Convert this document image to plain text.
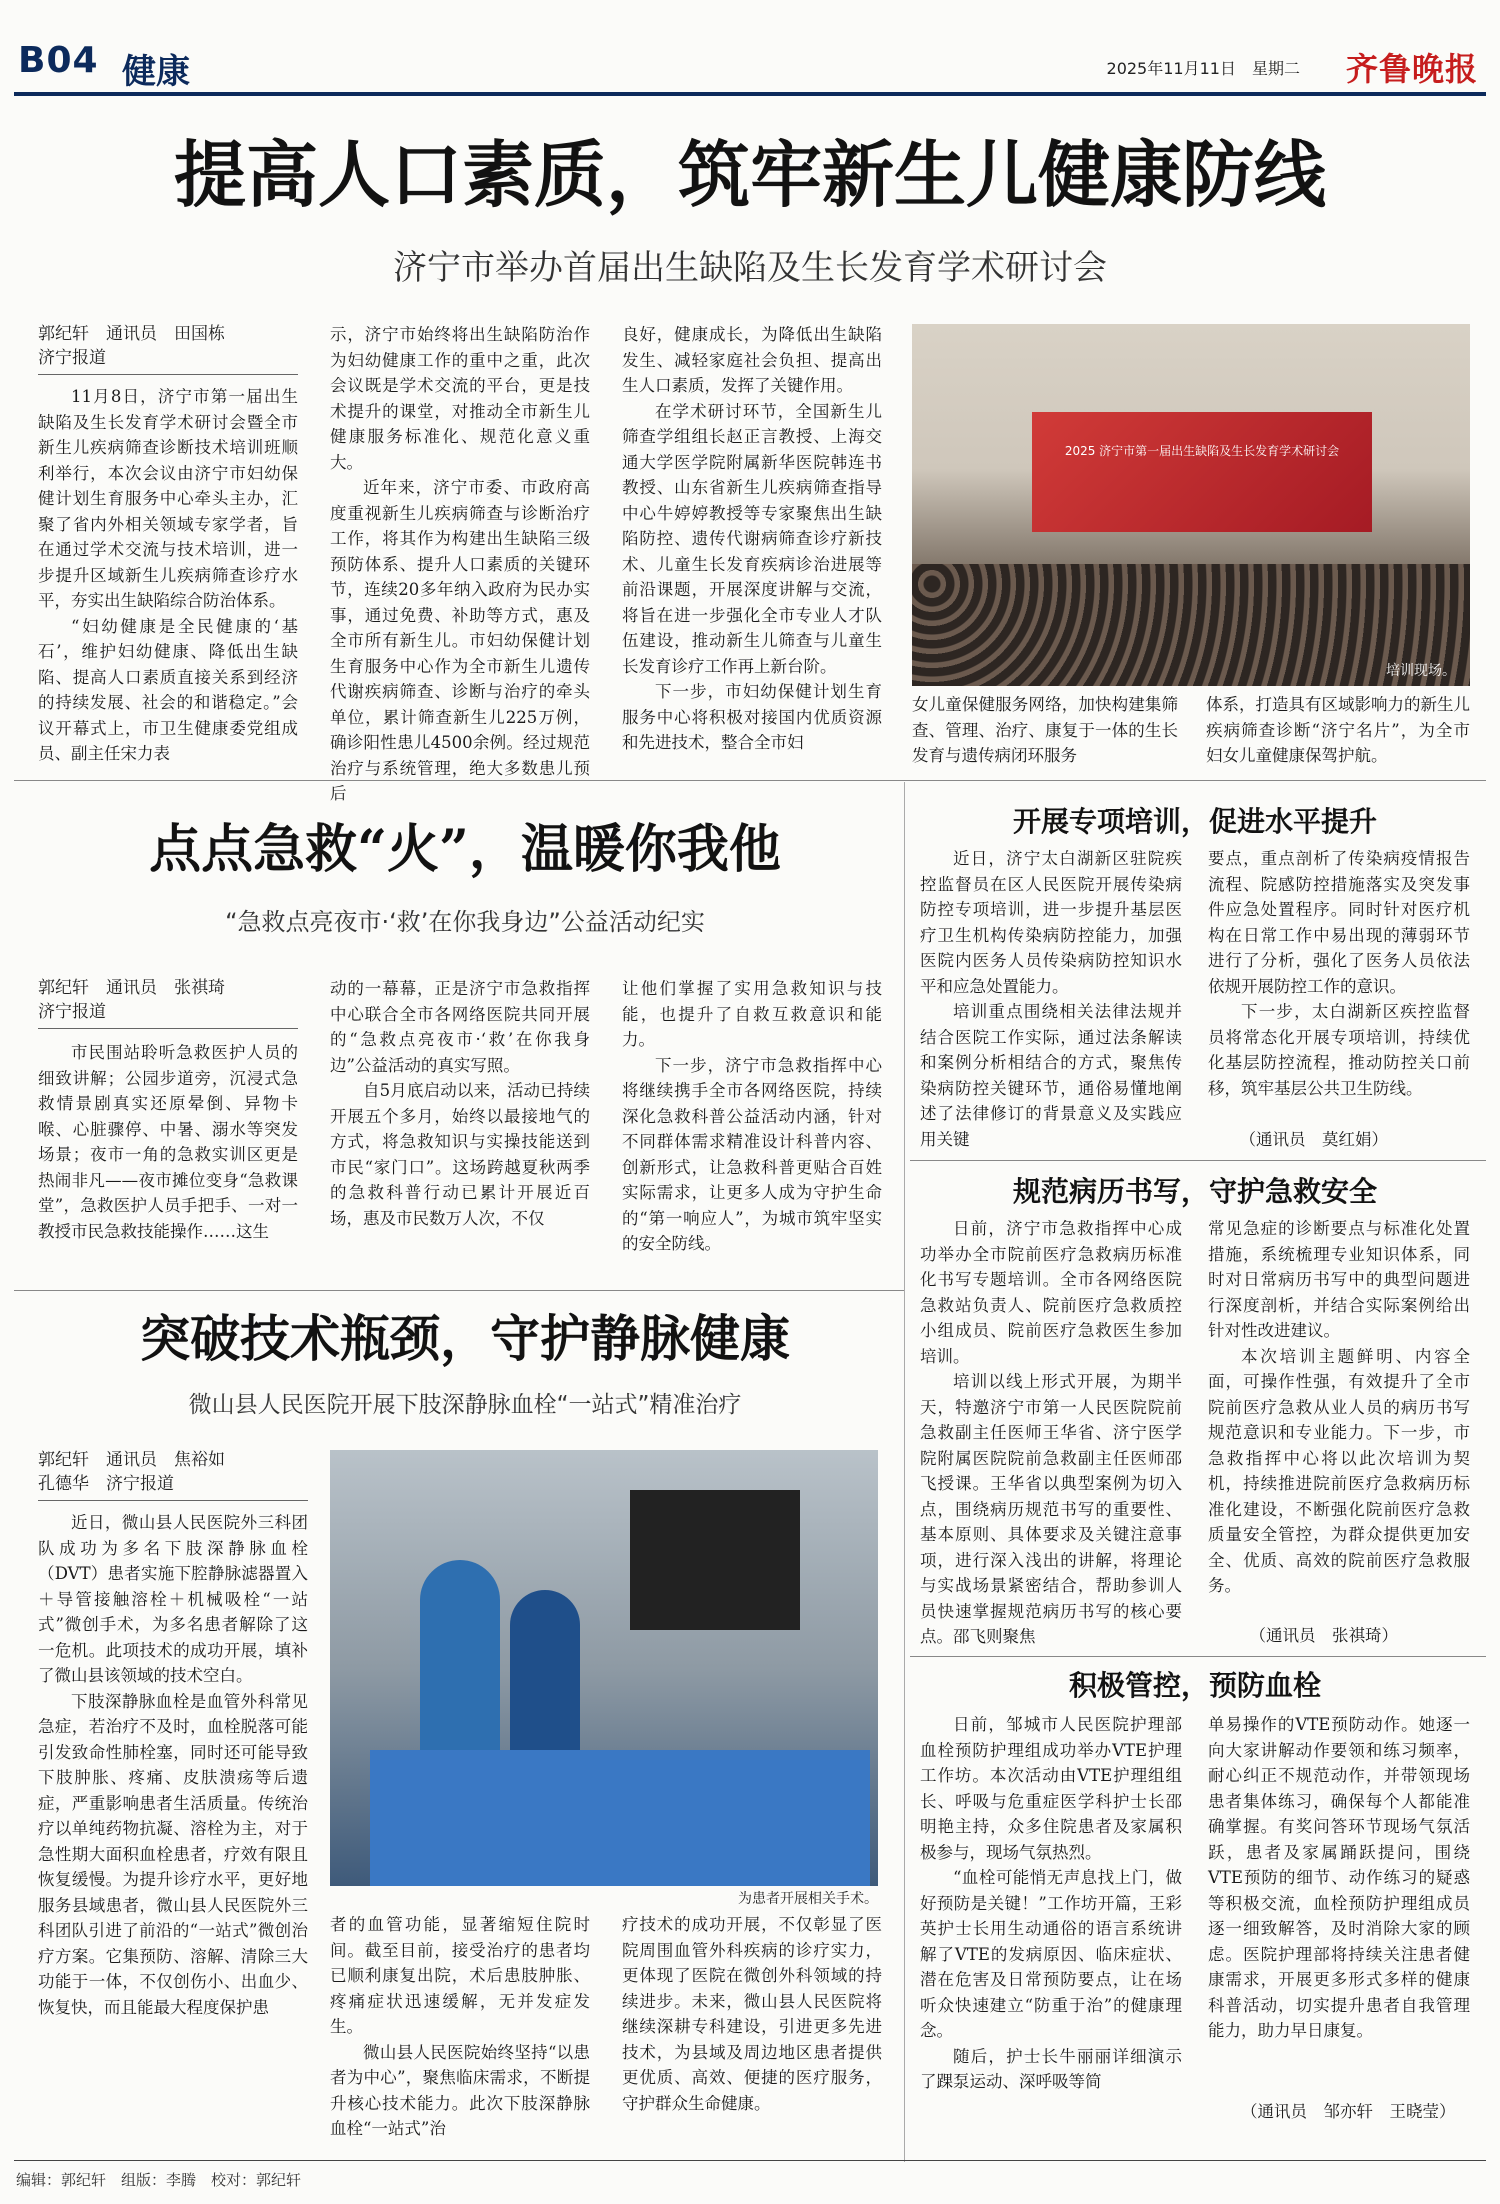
B04 健康	2025年11月11日　 星期二 齐鲁晚报
提高人口素质，筑牢新生儿健康防线
济宁市举办首届出生缺陷及生长发育学术研讨会
郭纪轩　通讯员　田国栋
济宁报道

11月8日，济宁市第一届出生缺陷及生长发育学术研讨会暨全市新生儿疾病筛查诊断技术培训班顺利举行，本次会议由济宁市妇幼保健计划生育服务中心牵头主办，汇聚了省内外相关领域专家学者，旨在通过学术交流与技术培训，进一步提升区域新生儿疾病筛查诊疗水平，夯实出生缺陷综合防治体系。

“妇幼健康是全民健康的‘基石’，维护妇幼健康、降低出生缺陷、提高人口素质直接关系到经济的持续发展、社会的和谐稳定。”会议开幕式上，市卫生健康委党组成员、副主任宋力表

示，济宁市始终将出生缺陷防治作为妇幼健康工作的重中之重，此次会议既是学术交流的平台，更是技术提升的课堂，对推动全市新生儿健康服务标准化、规范化意义重大。

近年来，济宁市委、市政府高度重视新生儿疾病筛查与诊断治疗工作，将其作为构建出生缺陷三级预防体系、提升人口素质的关键环节，连续20多年纳入政府为民办实事，通过免费、补助等方式，惠及全市所有新生儿。市妇幼保健计划生育服务中心作为全市新生儿遗传代谢疾病筛查、诊断与治疗的牵头单位，累计筛查新生儿225万例，确诊阳性患儿4500余例。经过规范治疗与系统管理，绝大多数患儿预后

良好，健康成长，为降低出生缺陷发生、减轻家庭社会负担、提高出生人口素质，发挥了关键作用。

在学术研讨环节，全国新生儿筛查学组组长赵正言教授、上海交通大学医学院附属新华医院韩连书教授、山东省新生儿疾病筛查指导中心牛婷婷教授等专家聚焦出生缺陷防控、遗传代谢病筛查诊疗新技术、儿童生长发育疾病诊治进展等前沿课题，开展深度讲解与交流，将旨在进一步强化全市专业人才队伍建设，推动新生儿筛查与儿童生长发育诊疗工作再上新台阶。

下一步，市妇幼保健计划生育服务中心将积极对接国内优质资源和先进技术，整合全市妇

2025 济宁市第一届出生缺陷及生长发育学术研讨会
培训现场。

女儿童保健服务网络，加快构建集筛查、管理、治疗、康复于一体的生长发育与遗传病闭环服务

体系，打造具有区域影响力的新生儿疾病筛查诊断“济宁名片”，为全市妇女儿童健康保驾护航。

点点急救“火”，温暖你我他
“急救点亮夜市·‘救’在你我身边”公益活动纪实
郭纪轩　通讯员　张祺琦
济宁报道

市民围站聆听急救医护人员的细致讲解；公园步道旁，沉浸式急救情景剧真实还原晕倒、异物卡喉、心脏骤停、中暑、溺水等突发场景；夜市一角的急救实训区更是热闹非凡——夜市摊位变身“急救课堂”，急救医护人员手把手、一对一教授市民急救技能操作……这生

动的一幕幕，正是济宁市急救指挥中心联合全市各网络医院共同开展的“急救点亮夜市·‘救’在你我身边”公益活动的真实写照。

自5月底启动以来，活动已持续开展五个多月，始终以最接地气的方式，将急救知识与实操技能送到市民“家门口”。这场跨越夏秋两季的急救科普行动已累计开展近百场，惠及市民数万人次，不仅

让他们掌握了实用急救知识与技能，也提升了自救互救意识和能力。

下一步，济宁市急救指挥中心将继续携手全市各网络医院，持续深化急救科普公益活动内涵，针对不同群体需求精准设计科普内容、创新形式，让急救科普更贴合百姓实际需求，让更多人成为守护生命的“第一响应人”，为城市筑牢坚实的安全防线。

突破技术瓶颈，守护静脉健康
微山县人民医院开展下肢深静脉血栓“一站式”精准治疗
郭纪轩　通讯员　焦裕如
孔德华　济宁报道

近日，微山县人民医院外三科团队成功为多名下肢深静脉血栓（DVT）患者实施下腔静脉滤器置入＋导管接触溶栓＋机械吸栓“一站式”微创手术，为多名患者解除了这一危机。此项技术的成功开展，填补了微山县该领域的技术空白。

下肢深静脉血栓是血管外科常见急症，若治疗不及时，血栓脱落可能引发致命性肺栓塞，同时还可能导致下肢肿胀、疼痛、皮肤溃疡等后遗症，严重影响患者生活质量。传统治疗以单纯药物抗凝、溶栓为主，对于急性期大面积血栓患者，疗效有限且恢复缓慢。为提升诊疗水平，更好地服务县域患者，微山县人民医院外三科团队引进了前沿的“一站式”微创治疗方案。它集预防、溶解、清除三大功能于一体，不仅创伤小、出血少、恢复快，而且能最大程度保护患

为患者开展相关手术。

者的血管功能，显著缩短住院时间。截至目前，接受治疗的患者均已顺利康复出院，术后患肢肿胀、疼痛症状迅速缓解，无并发症发生。

微山县人民医院始终坚持“以患者为中心”，聚焦临床需求，不断提升核心技术能力。此次下肢深静脉血栓“一站式”治

疗技术的成功开展，不仅彰显了医院周围血管外科疾病的诊疗实力，更体现了医院在微创外科领域的持续进步。未来，微山县人民医院将继续深耕专科建设，引进更多先进技术，为县域及周边地区患者提供更优质、高效、便捷的医疗服务，守护群众生命健康。

开展专项培训，促进水平提升

近日，济宁太白湖新区驻院疾控监督员在区人民医院开展传染病防控专项培训，进一步提升基层医疗卫生机构传染病防控能力，加强医院内医务人员传染病防控知识水平和应急处置能力。

培训重点围绕相关法律法规并结合医院工作实际，通过法条解读和案例分析相结合的方式，聚焦传染病防控关键环节，通俗易懂地阐述了法律修订的背景意义及实践应用关键

要点，重点剖析了传染病疫情报告流程、院感防控措施落实及突发事件应急处置程序。同时针对医疗机构在日常工作中易出现的薄弱环节进行了分析，强化了医务人员依法依规开展防控工作的意识。

下一步，太白湖新区疾控监督员将常态化开展专项培训，持续优化基层防控流程，推动防控关口前移，筑牢基层公共卫生防线。

（通讯员　莫红娟）
规范病历书写，守护急救安全

日前，济宁市急救指挥中心成功举办全市院前医疗急救病历标准化书写专题培训。全市各网络医院急救站负责人、院前医疗急救质控小组成员、院前医疗急救医生参加培训。

培训以线上形式开展，为期半天，特邀济宁市第一人民医院院前急救副主任医师王华省、济宁医学院附属医院院前急救副主任医师邵飞授课。王华省以典型案例为切入点，围绕病历规范书写的重要性、基本原则、具体要求及关键注意事项，进行深入浅出的讲解，将理论与实战场景紧密结合，帮助参训人员快速掌握规范病历书写的核心要点。邵飞则聚焦

常见急症的诊断要点与标准化处置措施，系统梳理专业知识体系，同时对日常病历书写中的典型问题进行深度剖析，并结合实际案例给出针对性改进建议。

本次培训主题鲜明、内容全面，可操作性强，有效提升了全市院前医疗急救从业人员的病历书写规范意识和专业能力。下一步，市急救指挥中心将以此次培训为契机，持续推进院前医疗急救病历标准化建设，不断强化院前医疗急救质量安全管控，为群众提供更加安全、优质、高效的院前医疗急救服务。

（通讯员　张祺琦）
积极管控，预防血栓

日前，邹城市人民医院护理部血栓预防护理组成功举办VTE护理工作坊。本次活动由VTE护理组组长、呼吸与危重症医学科护士长邵明艳主持，众多住院患者及家属积极参与，现场气氛热烈。

“血栓可能悄无声息找上门，做好预防是关键！”工作坊开篇，王彩英护士长用生动通俗的语言系统讲解了VTE的发病原因、临床症状、潜在危害及日常预防要点，让在场听众快速建立“防重于治”的健康理念。

随后，护士长牛丽丽详细演示了踝泵运动、深呼吸等简

单易操作的VTE预防动作。她逐一向大家讲解动作要领和练习频率，耐心纠正不规范动作，并带领现场患者集体练习，确保每个人都能准确掌握。有奖问答环节现场气氛活跃，患者及家属踊跃提问，围绕VTE预防的细节、动作练习的疑惑等积极交流，血栓预防护理组成员逐一细致解答，及时消除大家的顾虑。医院护理部将持续关注患者健康需求，开展更多形式多样的健康科普活动，切实提升患者自我管理能力，助力早日康复。

（通讯员　邹亦轩　王晓莹）
编辑：郭纪轩　组版：李腾　校对：郭纪轩
